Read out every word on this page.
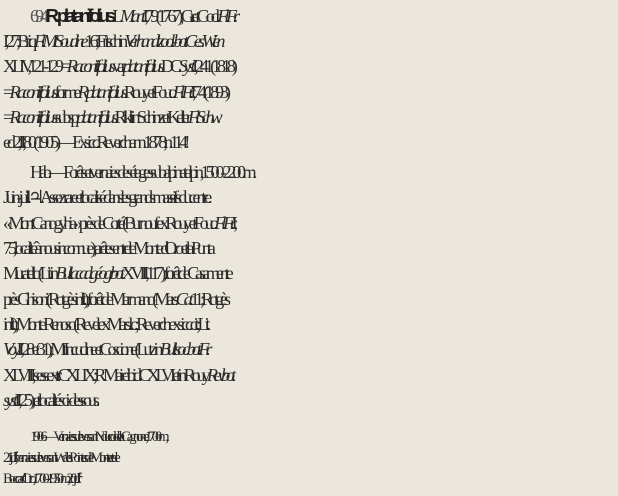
694. R. platanifolius L. Mant. I, 79 (1767) ; Gr. et Godr. Fl. Fr.
I, 27 ; Briq. Fl. Mt Soudine 16 ; Fritsch in Verhandl. zool.-bot. Ges. Wien
XLIV, 121-129 = R. aconitifolius var. platanifolius DC. Syst. I, 241 (1818)
= R. aconitifolius forme R. platanifolius Rouy et Fouc. Fl. Fr. I, 74 (1893)
= R. aconitifolius subsp. platanifolius Rikli in Schinz et Keller Fl. Schw.
ed. 2, II, 80 (1905). — Exsicc. Reverch. ann. 1878, n. 114 !
Hab. — Forêts et vernaies des étages subalpin et alpin, 1500-2200 m.
Juin-juill. ♃. Assez rare et localisé dans les grands massifs du centre.
« Mont Canogyhia » près de Corté (Burnouf ex Rouy et Fouc. Fl. Fr. I,
75, localité à nous inconnue) ; arêtes entre le Monte d'Oro et la Punta
Muratello (Lit. in Bull. acad. géogr. bot. XVIII, 117) ; forêt de Casamente
près Ghisoni (Rotgès in lit.) ; forêt de Marmano (Mars. Cat. 11 ; Rotgès
in lit.) ; Monte Renoso (Revel. ex Mars. l. c. ; Reverch. exsicc. cit. ; Lit.
Voy. II, 28 et 31) ; Mt Incudine et Coscione (Lutz in Bull. soc. bot. Fr.
XLVIII, sess. extr. CXLIX ; R. Maire ibid. CXLVI et in Rouy Rev. bot.
syst. II, 25) ; et localités ci-dessous.
1906. — Vernaies sur le versant N. du col de la Cagnone, 1700 m.,
21 juill. fl. fr.! ; vernaies sur le versant W. des Pointes de Monte et de
Bocca d'Oro, 1700-1950 m., 20 juill. fl. fr. !
